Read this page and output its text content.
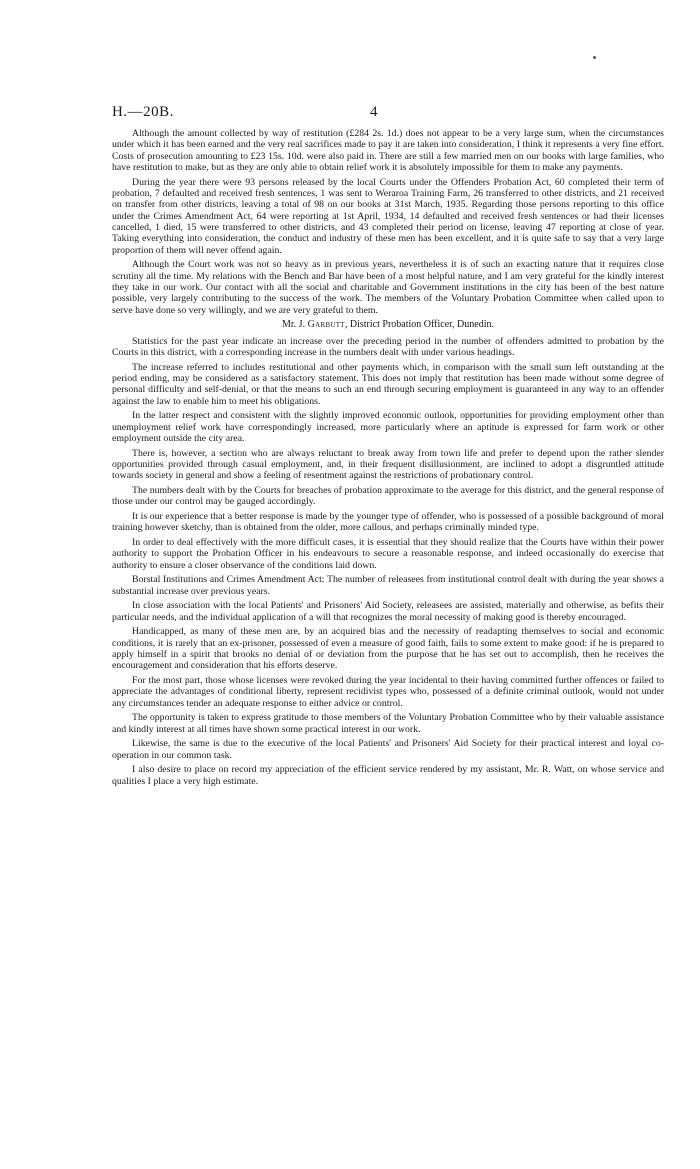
H.—20B.	4

Although the amount collected by way of restitution (£284 2s. 1d.) does not appear to be a very large sum, when the circumstances under which it has been earned and the very real sacrifices made to pay it are taken into consideration, I think it represents a very fine effort. Costs of prosecution amounting to £23 15s. 10d. were also paid in. There are still a few married men on our books with large families, who have restitution to make, but as they are only able to obtain relief work it is absolutely impossible for them to make any payments.

During the year there were 93 persons released by the local Courts under the Offenders Probation Act, 60 completed their term of probation, 7 defaulted and received fresh sentences, 1 was sent to Weraroa Training Farm, 26 transferred to other districts, and 21 received on transfer from other districts, leaving a total of 98 on our books at 31st March, 1935. Regarding those persons reporting to this office under the Crimes Amendment Act, 64 were reporting at 1st April, 1934, 14 defaulted and received fresh sentences or had their licenses cancelled, 1 died, 15 were transferred to other districts, and 43 completed their period on license, leaving 47 reporting at close of year. Taking everything into consideration, the conduct and industry of these men has been excellent, and it is quite safe to say that a very large proportion of them will never offend again.

Although the Court work was not so heavy as in previous years, nevertheless it is of such an exacting nature that it requires close scrutiny all the time. My relations with the Bench and Bar have been of a most helpful nature, and I am very grateful for the kindly interest they take in our work. Our contact with all the social and charitable and Government institutions in the city has been of the best nature possible, very largely contributing to the success of the work. The members of the Voluntary Probation Committee when called upon to serve have done so very willingly, and we are very grateful to them.

Mr. J. Garbutt, District Probation Officer, Dunedin.

Statistics for the past year indicate an increase over the preceding period in the number of offenders admitted to probation by the Courts in this district, with a corresponding increase in the numbers dealt with under various headings.

The increase referred to includes restitutional and other payments which, in comparison with the small sum left outstanding at the period ending, may be considered as a satisfactory statement. This does not imply that restitution has been made without some degree of personal difficulty and self-denial, or that the means to such an end through securing employment is guaranteed in any way to an offender against the law to enable him to meet his obligations.

In the latter respect and consistent with the slightly improved economic outlook, opportunities for providing employment other than unemployment relief work have correspondingly increased, more particularly where an aptitude is expressed for farm work or other employment outside the city area.

There is, however, a section who are always reluctant to break away from town life and prefer to depend upon the rather slender opportunities provided through casual employment, and, in their frequent disillusionment, are inclined to adopt a disgruntled attitude towards society in general and show a feeling of resentment against the restrictions of probationary control.

The numbers dealt with by the Courts for breaches of probation approximate to the average for this district, and the general response of those under our control may be gauged accordingly.

It is our experience that a better response is made by the younger type of offender, who is possessed of a possible background of moral training however sketchy, than is obtained from the older, more callous, and perhaps criminally minded type.

In order to deal effectively with the more difficult cases, it is essential that they should realize that the Courts have within their power authority to support the Probation Officer in his endeavours to secure a reasonable response, and indeed occasionally do exercise that authority to ensure a closer observance of the conditions laid down.

Borstal Institutions and Crimes Amendment Act: The number of releasees from institutional control dealt with during the year shows a substantial increase over previous years.

In close association with the local Patients' and Prisoners' Aid Society, releasees are assisted, materially and otherwise, as befits their particular needs, and the individual application of a will that recognizes the moral necessity of making good is thereby encouraged.

Handicapped, as many of these men are, by an acquired bias and the necessity of readapting themselves to social and economic conditions, it is rarely that an ex-prisoner, possessed of even a measure of good faith, fails to some extent to make good: if he is prepared to apply himself in a spirit that brooks no denial of or deviation from the purpose that he has set out to accomplish, then he receives the encouragement and consideration that his efforts deserve.

For the most part, those whose licenses were revoked during the year incidental to their having committed further offences or failed to appreciate the advantages of conditional liberty, represent recidivist types who, possessed of a definite criminal outlook, would not under any circumstances tender an adequate response to either advice or control.

The opportunity is taken to express gratitude to those members of the Voluntary Probation Committee who by their valuable assistance and kindly interest at all times have shown some practical interest in our work.

Likewise, the same is due to the executive of the local Patients' and Prisoners' Aid Society for their practical interest and loyal co-operation in our common task.

I also desire to place on record my appreciation of the efficient service rendered by my assistant, Mr. R. Watt, on whose service and qualities I place a very high estimate.
